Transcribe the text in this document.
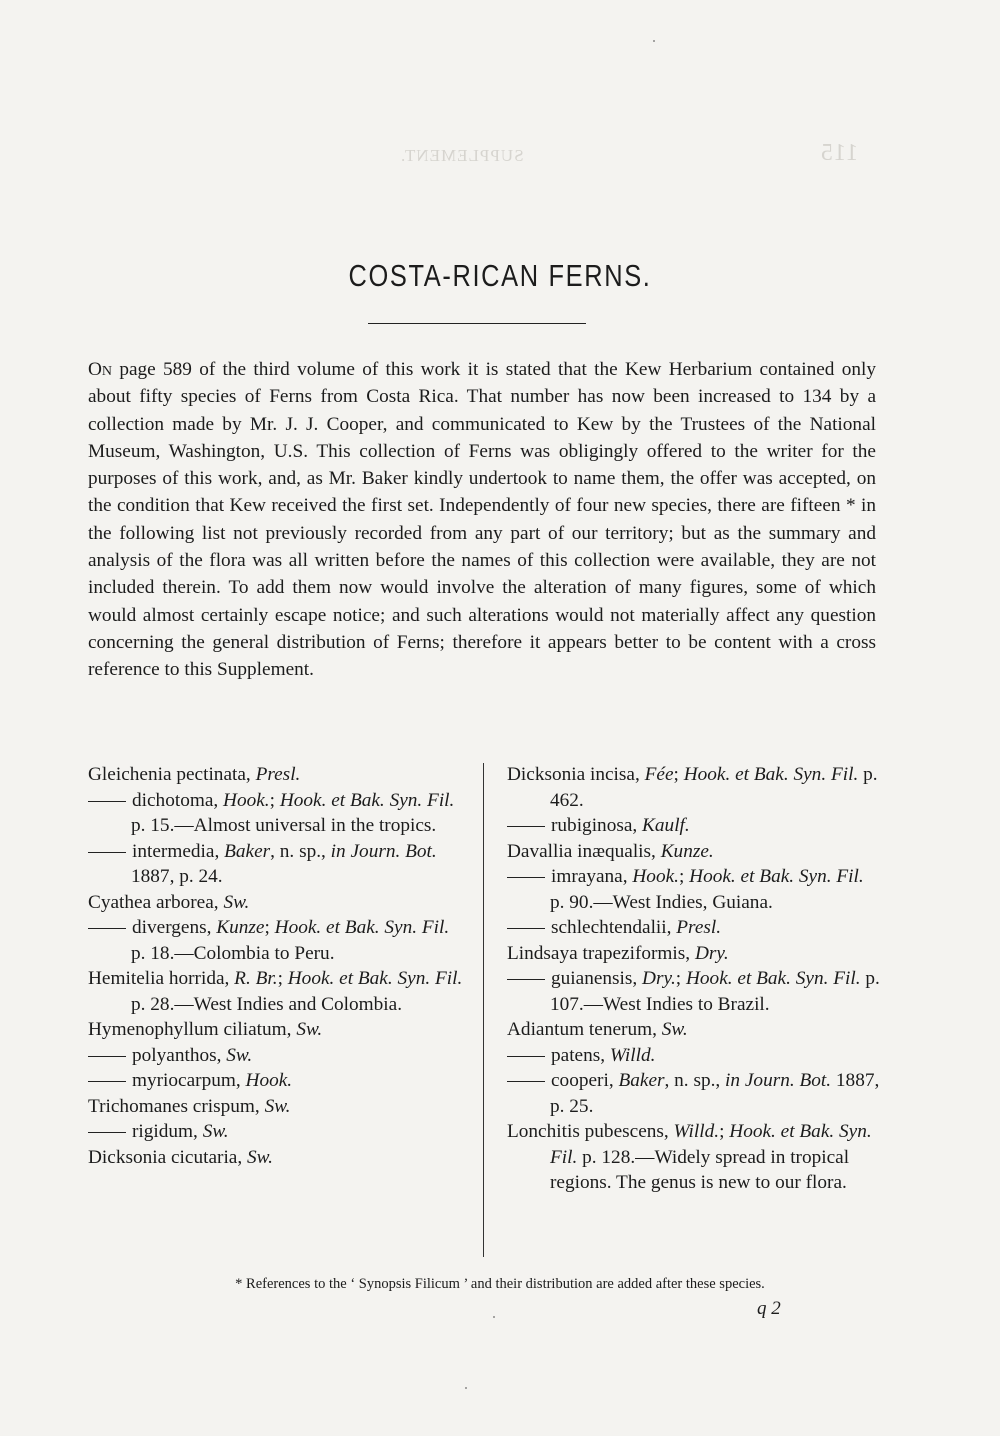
115
SUPPLEMENT.
COSTA-RICAN FERNS.
On page 589 of the third volume of this work it is stated that the Kew Herbarium contained only about fifty species of Ferns from Costa Rica. That number has now been increased to 134 by a collection made by Mr. J. J. Cooper, and communicated to Kew by the Trustees of the National Museum, Washington, U.S. This collection of Ferns was obligingly offered to the writer for the purposes of this work, and, as Mr. Baker kindly undertook to name them, the offer was accepted, on the condition that Kew received the first set. Independently of four new species, there are fifteen * in the following list not previously recorded from any part of our territory; but as the summary and analysis of the flora was all written before the names of this collection were available, they are not included therein. To add them now would involve the alteration of many figures, some of which would almost certainly escape notice; and such alterations would not materially affect any question concerning the general distribution of Ferns; therefore it appears better to be content with a cross reference to this Supplement.
Gleichenia pectinata, Presl.
dichotoma, Hook.; Hook. et Bak. Syn. Fil. p. 15.—Almost universal in the tropics.
intermedia, Baker, n. sp., in Journ. Bot. 1887, p. 24.
Cyathea arborea, Sw.
divergens, Kunze; Hook. et Bak. Syn. Fil. p. 18.—Colombia to Peru.
Hemitelia horrida, R. Br.; Hook. et Bak. Syn. Fil. p. 28.—West Indies and Colombia.
Hymenophyllum ciliatum, Sw.
polyanthos, Sw.
myriocarpum, Hook.
Trichomanes crispum, Sw.
rigidum, Sw.
Dicksonia cicutaria, Sw.
Dicksonia incisa, Fée; Hook. et Bak. Syn. Fil. p. 462.
rubiginosa, Kaulf.
Davallia inæqualis, Kunze.
imrayana, Hook.; Hook. et Bak. Syn. Fil. p. 90.—West Indies, Guiana.
schlechtendalii, Presl.
Lindsaya trapeziformis, Dry.
guianensis, Dry.; Hook. et Bak. Syn. Fil. p. 107.—West Indies to Brazil.
Adiantum tenerum, Sw.
patens, Willd.
cooperi, Baker, n. sp., in Journ. Bot. 1887, p. 25.
Lonchitis pubescens, Willd.; Hook. et Bak. Syn. Fil. p. 128.—Widely spread in tropical regions. The genus is new to our flora.
* References to the ‘ Synopsis Filicum ’ and their distribution are added after these species.
q 2
